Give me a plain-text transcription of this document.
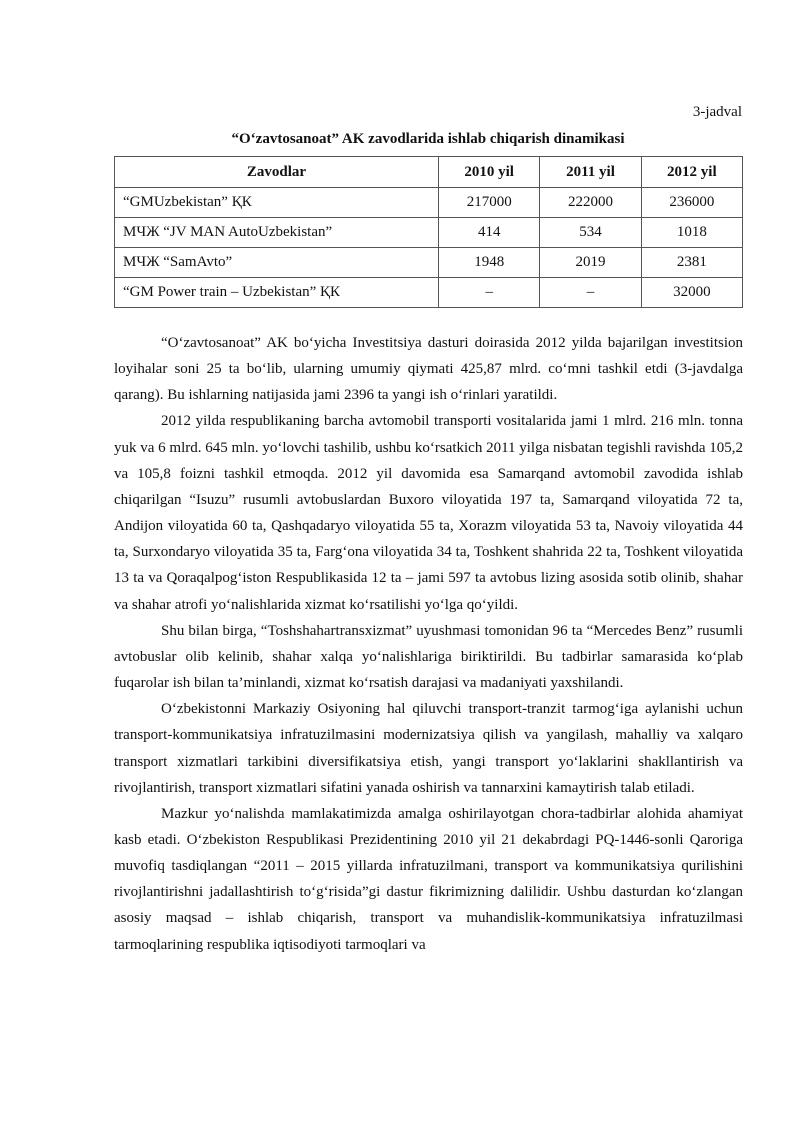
3-jadval
“O‘zavtosanoat” AK zavodlarida ishlab chiqarish dinamikasi
Zavodlar	2010 yil	2011 yil	2012 yil
“GMUzbekistan” ҚК	217000	222000	236000
МЧЖ “JV MAN AutoUzbekistan”	414	534	1018
МЧЖ “SamAvto”	1948	2019	2381
“GM Power train – Uzbekistan” ҚК	–	–	32000

“O‘zavtosanoat” AK bo‘yicha Investitsiya dasturi doirasida 2012 yilda bajarilgan investitsion loyihalar soni 25 ta bo‘lib, ularning umumiy qiymati 425,87 mlrd. co‘mni tashkil etdi (3-javdalga qarang). Bu ishlarning natijasida jami 2396 ta yangi ish o‘rinlari yaratildi.

2012 yilda respublikaning barcha avtomobil transporti vositalarida jami 1 mlrd. 216 mln. tonna yuk va 6 mlrd. 645 mln. yo‘lovchi tashilib, ushbu ko‘rsatkich 2011 yilga nisbatan tegishli ravishda 105,2 va 105,8 foizni tashkil etmoqda. 2012 yil davomida esa Samarqand avtomobil zavodida ishlab chiqarilgan “Isuzu” rusumli avtobuslardan Buxoro viloyatida 197 ta, Samarqand viloyatida 72 ta, Andijon viloyatida 60 ta, Qashqadaryo viloyatida 55 ta, Xorazm viloyatida 53 ta, Navoiy viloyatida 44 ta, Surxondaryo viloyatida 35 ta, Farg‘ona viloyatida 34 ta, Toshkent shahrida 22 ta, Toshkent viloyatida 13 ta va Qoraqalpog‘iston Respublikasida 12 ta – jami 597 ta avtobus lizing asosida sotib olinib, shahar va shahar atrofi yo‘nalishlarida xizmat ko‘rsatilishi yo‘lga qo‘yildi.

Shu bilan birga, “Toshshahartransxizmat” uyushmasi tomonidan 96 ta “Mercedes Benz” rusumli avtobuslar olib kelinib, shahar xalqa yo‘nalishlariga biriktirildi. Bu tadbirlar samarasida ko‘plab fuqarolar ish bilan ta’minlandi, xizmat ko‘rsatish darajasi va madaniyati yaxshilandi.

O‘zbekistonni Markaziy Osiyoning hal qiluvchi transport-tranzit tarmog‘iga aylanishi uchun transport-kommunikatsiya infratuzilmasini modernizatsiya qilish va yangilash, mahalliy va xalqaro transport xizmatlari tarkibini diversifikatsiya etish, yangi transport yo‘laklarini shakllantirish va rivojlantirish, transport xizmatlari sifatini yanada oshirish va tannarxini kamaytirish talab etiladi.

Mazkur yo‘nalishda mamlakatimizda amalga oshirilayotgan chora-tadbirlar alohida ahamiyat kasb etadi. O‘zbekiston Respublikasi Prezidentining 2010 yil 21 dekabrdagi PQ-1446-sonli Qaroriga muvofiq tasdiqlangan “2011 – 2015 yillarda infratuzilmani, transport va kommunikatsiya qurilishini rivojlantirishni jadallashtirish to‘g‘risida”gi dastur fikrimizning dalilidir. Ushbu dasturdan ko‘zlangan asosiy maqsad – ishlab chiqarish, transport va muhandislik-kommunikatsiya infratuzilmasi tarmoqlarining respublika iqtisodiyoti tarmoqlari va
